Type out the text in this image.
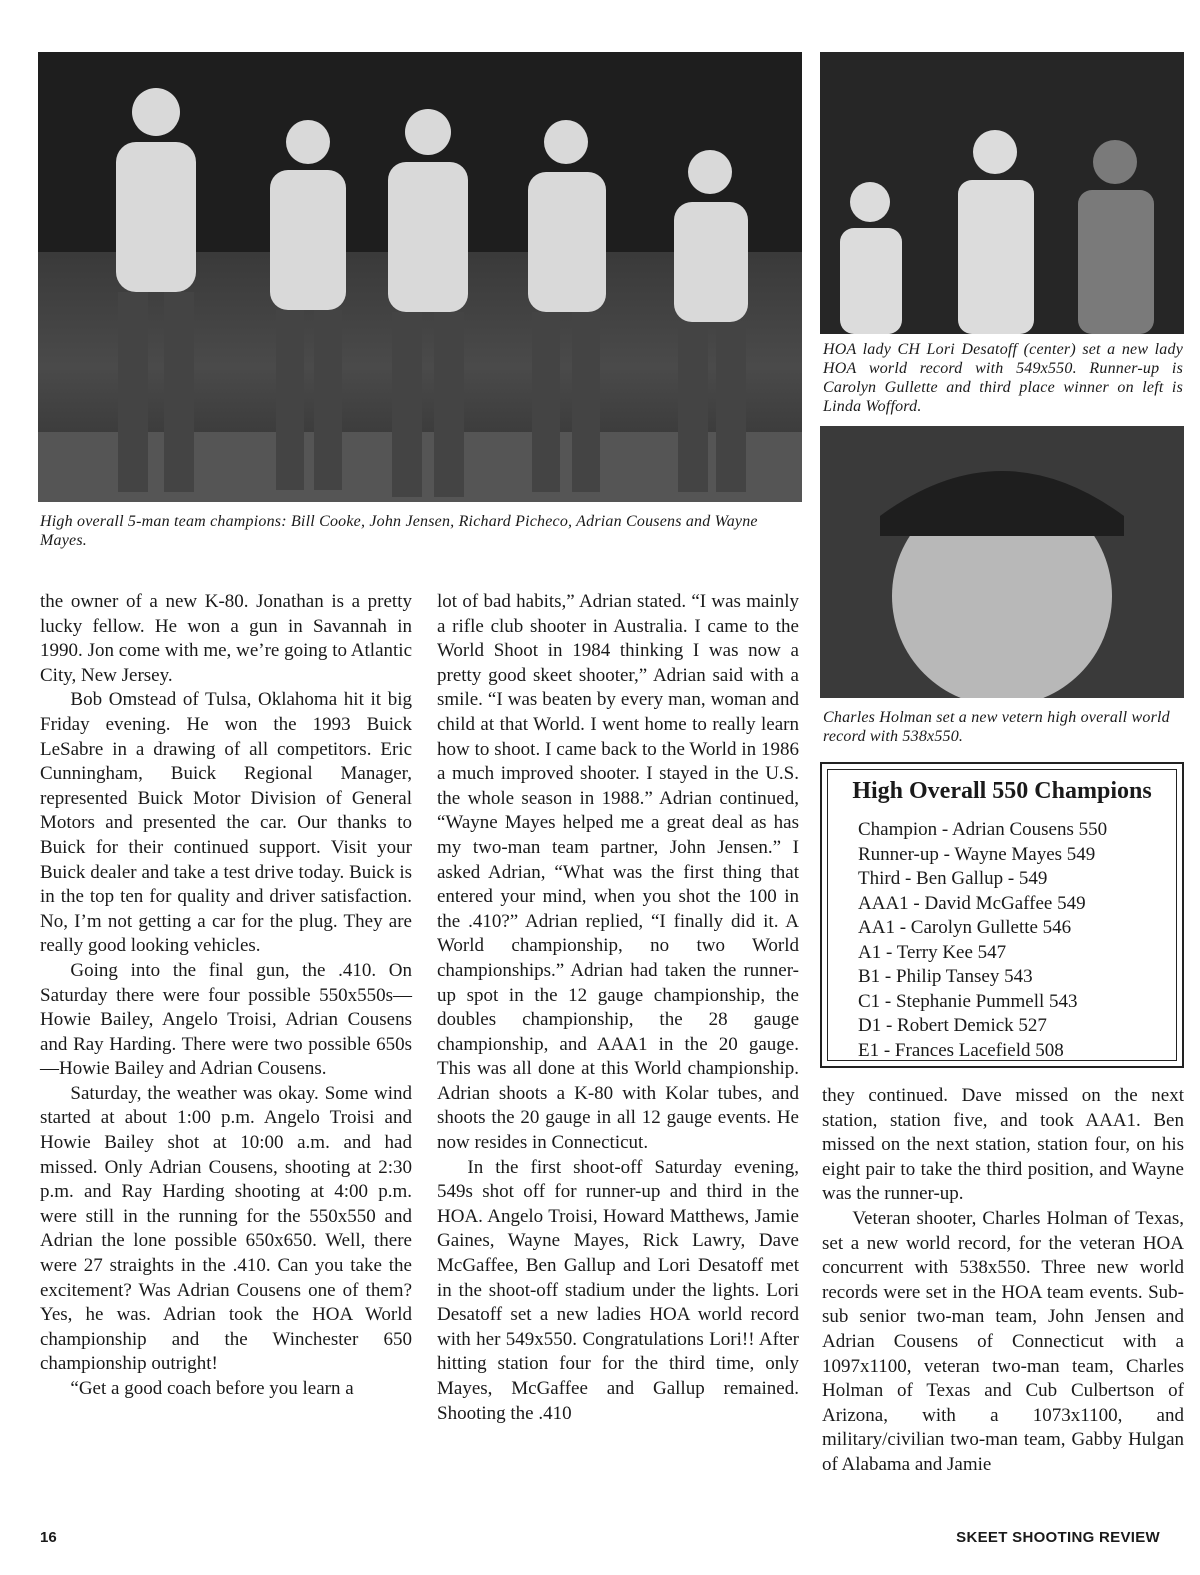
High overall 5-man team champions: Bill Cooke, John Jensen, Richard Picheco, Adrian Cousens and Wayne Mayes.
HOA lady CH Lori Desatoff (center) set a new lady HOA world record with 549x550. Runner-up is Carolyn Gullette and third place winner on left is Linda Wofford.
Charles Holman set a new vetern high overall world record with 538x550.

the owner of a new K-80. Jonathan is a pretty lucky fellow. He won a gun in Savannah in 1990. Jon come with me, we’re going to Atlantic City, New Jersey.

Bob Omstead of Tulsa, Oklahoma hit it big Friday evening. He won the 1993 Buick LeSabre in a drawing of all competitors. Eric Cunningham, Buick Regional Manager, represented Buick Motor Division of General Motors and presented the car. Our thanks to Buick for their continued support. Visit your Buick dealer and take a test drive today. Buick is in the top ten for quality and driver satisfaction. No, I’m not getting a car for the plug. They are really good looking vehicles.

Going into the final gun, the .410. On Saturday there were four possible 550x550s—Howie Bailey, Angelo Troisi, Adrian Cousens and Ray Harding. There were two possible 650s—Howie Bailey and Adrian Cousens.

Saturday, the weather was okay. Some wind started at about 1:00 p.m. Angelo Troisi and Howie Bailey shot at 10:00 a.m. and had missed. Only Adrian Cousens, shooting at 2:30 p.m. and Ray Harding shooting at 4:00 p.m. were still in the running for the 550x550 and Adrian the lone possible 650x650. Well, there were 27 straights in the .410. Can you take the excitement? Was Adrian Cousens one of them? Yes, he was. Adrian took the HOA World championship and the Winchester 650 championship outright!

“Get a good coach before you learn a

lot of bad habits,” Adrian stated. “I was mainly a rifle club shooter in Australia. I came to the World Shoot in 1984 thinking I was now a pretty good skeet shooter,” Adrian said with a smile. “I was beaten by every man, woman and child at that World. I went home to really learn how to shoot. I came back to the World in 1986 a much improved shooter. I stayed in the U.S. the whole season in 1988.” Adrian continued, “Wayne Mayes helped me a great deal as has my two-man team partner, John Jensen.” I asked Adrian, “What was the first thing that entered your mind, when you shot the 100 in the .410?” Adrian replied, “I finally did it. A World championship, no two World championships.” Adrian had taken the runner-up spot in the 12 gauge championship, the doubles championship, the 28 gauge championship, and AAA1 in the 20 gauge. This was all done at this World championship. Adrian shoots a K-80 with Kolar tubes, and shoots the 20 gauge in all 12 gauge events. He now resides in Connecticut.

In the first shoot-off Saturday evening, 549s shot off for runner-up and third in the HOA. Angelo Troisi, Howard Matthews, Jamie Gaines, Wayne Mayes, Rick Lawry, Dave McGaffee, Ben Gallup and Lori Desatoff met in the shoot-off stadium under the lights. Lori Desatoff set a new ladies HOA world record with her 549x550. Congratulations Lori!! After hitting station four for the third time, only Mayes, McGaffee and Gallup remained. Shooting the .410

High Overall 550 Champions
Champion - Adrian Cousens 550
Runner-up - Wayne Mayes 549
Third - Ben Gallup - 549
AAA1 - David McGaffee 549
AA1 - Carolyn Gullette 546
A1 - Terry Kee 547
B1 - Philip Tansey 543
C1 - Stephanie Pummell 543
D1 - Robert Demick 527
E1 - Frances Lacefield 508

they continued. Dave missed on the next station, station five, and took AAA1. Ben missed on the next station, station four, on his eight pair to take the third position, and Wayne was the runner-up.

Veteran shooter, Charles Holman of Texas, set a new world record, for the veteran HOA concurrent with 538x550. Three new world records were set in the HOA team events. Sub-sub senior two-man team, John Jensen and Adrian Cousens of Connecticut with a 1097x1100, veteran two-man team, Charles Holman of Texas and Cub Culbertson of Arizona, with a 1073x1100, and military/civilian two-man team, Gabby Hulgan of Alabama and Jamie

16	SKEET SHOOTING REVIEW
